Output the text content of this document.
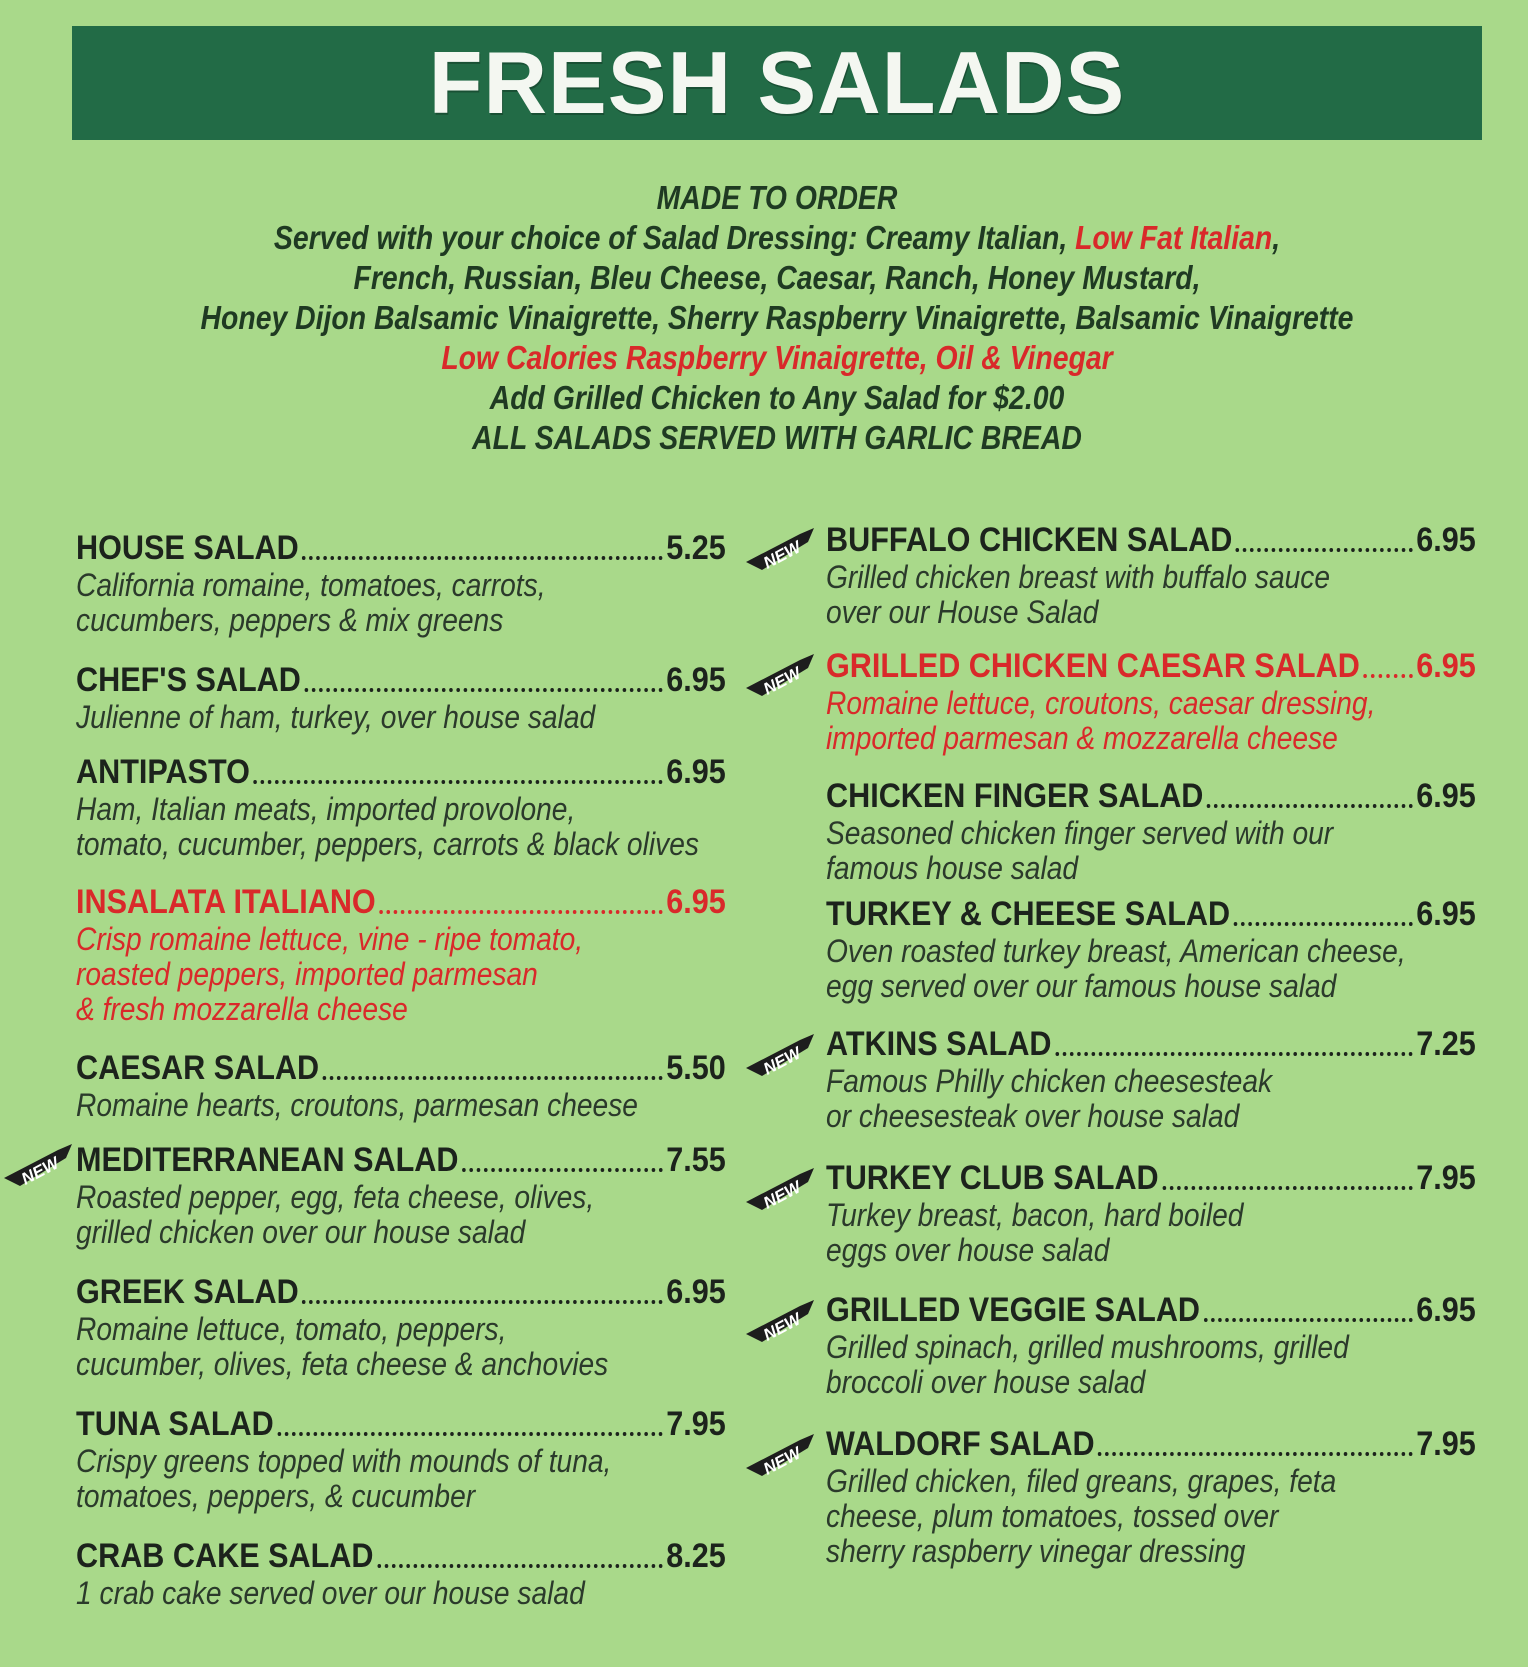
FRESH SALADS
MADE TO ORDER
Served with your choice of Salad Dressing: Creamy Italian, Low Fat Italian,
French, Russian, Bleu Cheese, Caesar, Ranch, Honey Mustard,
Honey Dijon Balsamic Vinaigrette, Sherry Raspberry Vinaigrette, Balsamic Vinaigrette
Low Calories Raspberry Vinaigrette, Oil & Vinegar
Add Grilled Chicken to Any Salad for $2.00
ALL SALADS SERVED WITH GARLIC BREAD
HOUSE SALAD	5.25
California romaine, tomatoes, carrots,
cucumbers, peppers & mix greens
CHEF'S SALAD	6.95
Julienne of ham, turkey, over house salad
ANTIPASTO	6.95
Ham, Italian meats, imported provolone,
tomato, cucumber, peppers, carrots & black olives
INSALATA ITALIANO	6.95
Crisp romaine lettuce, vine - ripe tomato,
roasted peppers, imported parmesan
& fresh mozzarella cheese
CAESAR SALAD	5.50
Romaine hearts, croutons, parmesan cheese
MEDITERRANEAN SALAD	7.55
Roasted pepper, egg, feta cheese, olives,
grilled chicken over our house salad
GREEK SALAD	6.95
Romaine lettuce, tomato, peppers,
cucumber, olives, feta cheese & anchovies
TUNA SALAD	7.95
Crispy greens topped with mounds of tuna,
tomatoes, peppers, & cucumber
CRAB CAKE SALAD	8.25
1 crab cake served over our house salad
BUFFALO CHICKEN SALAD	6.95
Grilled chicken breast with buffalo sauce
over our House Salad
GRILLED CHICKEN CAESAR SALAD 6.95
Romaine lettuce, croutons, caesar dressing,
imported parmesan & mozzarella cheese
CHICKEN FINGER SALAD	6.95
Seasoned chicken finger served with our
famous house salad
TURKEY & CHEESE SALAD	6.95
Oven roasted turkey breast, American cheese,
egg served over our famous house salad
ATKINS SALAD	7.25
Famous Philly chicken cheesesteak
or cheesesteak over house salad
TURKEY CLUB SALAD	7.95
Turkey breast, bacon, hard boiled
eggs over house salad
GRILLED VEGGIE SALAD	6.95
Grilled spinach, grilled mushrooms, grilled
broccoli over house salad
WALDORF SALAD	7.95
Grilled chicken, filed greans, grapes, feta
cheese, plum tomatoes, tossed over
sherry raspberry vinegar dressing
NEW
NEW
NEW
NEW
NEW
NEW
NEW
